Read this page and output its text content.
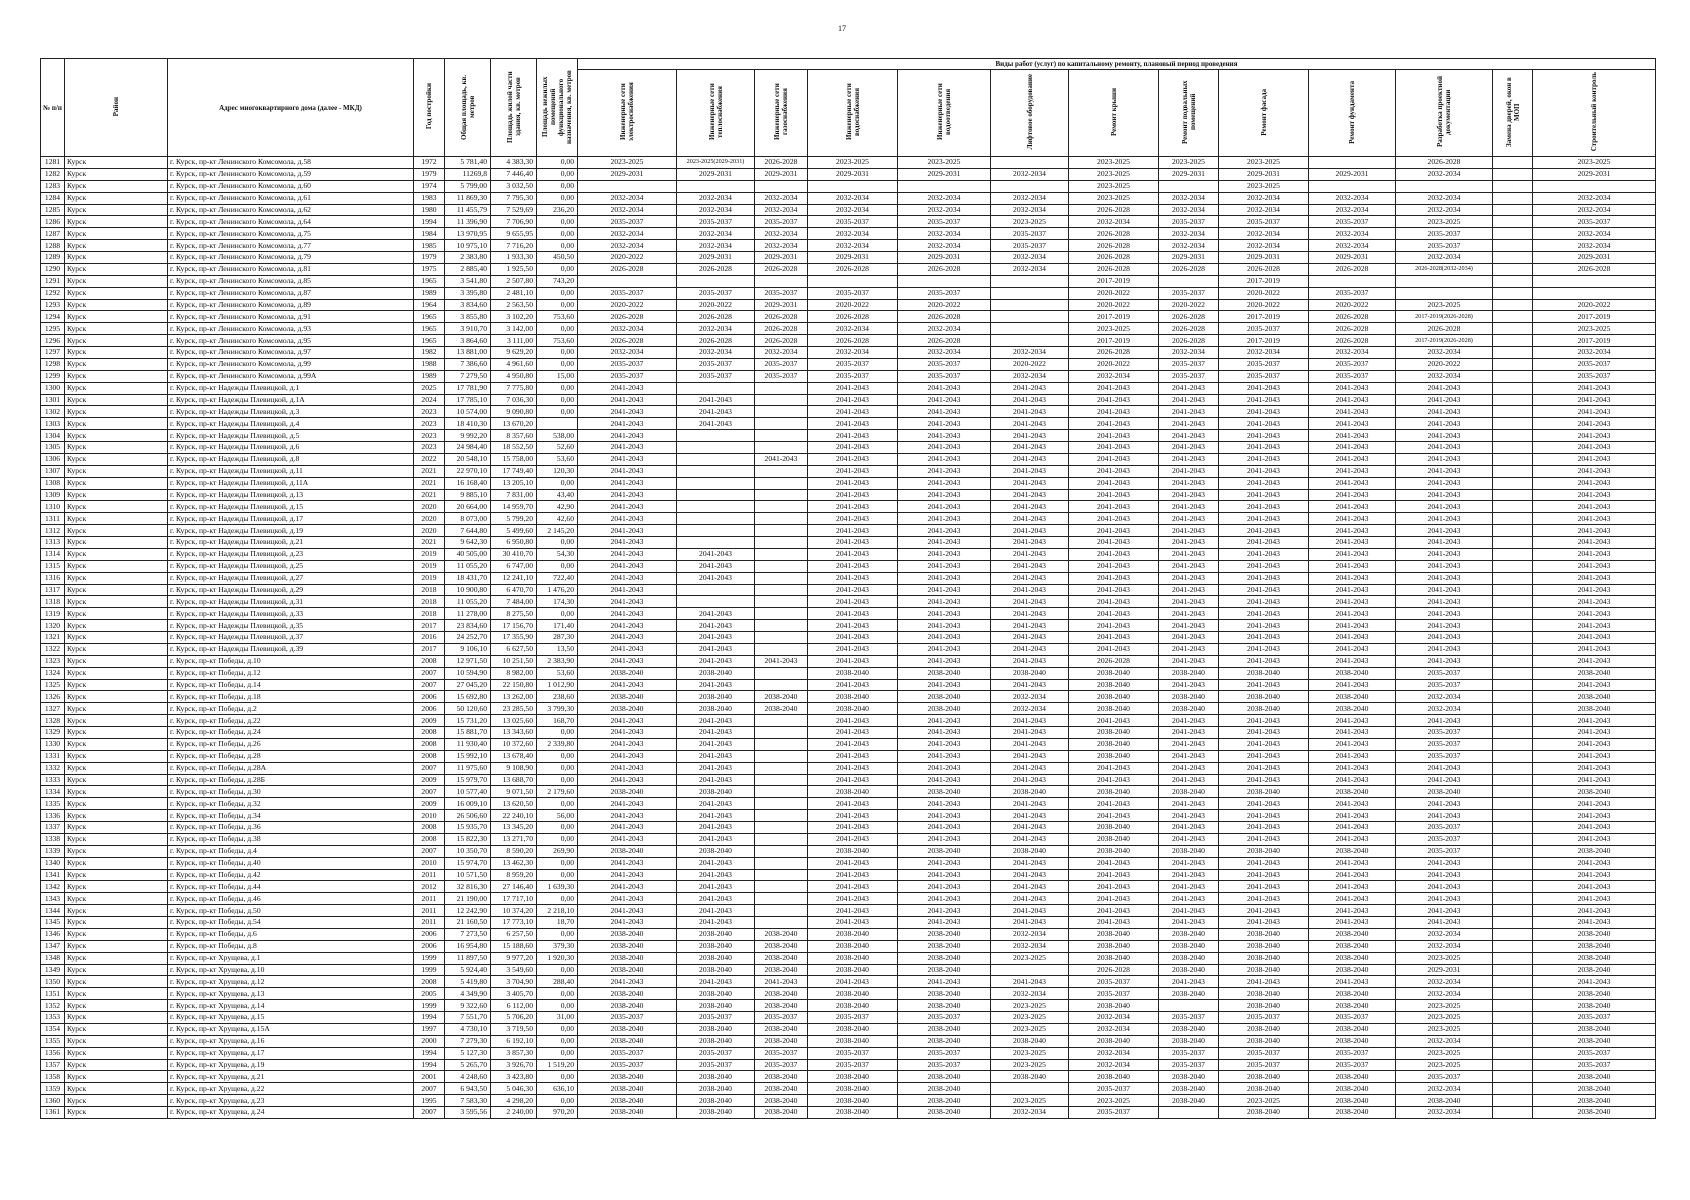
17
№ п/п	Район	Адрес многоквартирного дома (далее - МКД)	Год постройки	Общая площадь, кв. метров	Площадь жилой части здания, кв. метров	Площадь нежилых помещений функционального назначения, кв. метров	Виды работ (услуг) по капитальному ремонту, плановый период проведения												
							Инженерные сети электроснабжения	Инженерные сети теплоснабжения	Инженерные сети газоснабжения	Инженерные сети водоснабжения	Инженерные сети водоотведения	Лифтовое оборудование	Ремонт крыши	Ремонт подвальных помещений	Ремонт фасада	Ремонт фундамента	Разработка проектной документации	Замена дверей, окон в МОП	Строительный контроль
1281	Курск	г. Курск, пр-кт Ленинского Комсомола, д.58	1972	5 781,40	4 383,30	0,00	2023-2025	2023-2025(2029-2031)	2026-2028	2023-2025	2023-2025		2023-2025	2023-2025	2023-2025		2026-2028		2023-2025
1282	Курск	г. Курск, пр-кт Ленинского Комсомола, д.59	1979	11269,8	7 446,40	0,00	2029-2031	2029-2031	2029-2031	2029-2031	2029-2031	2032-2034	2023-2025	2029-2031	2029-2031	2029-2031	2032-2034		2029-2031
1283	Курск	г. Курск, пр-кт Ленинского Комсомола, д.60	1974	5 799,00	3 032,50	0,00							2023-2025		2023-2025				
1284	Курск	г. Курск, пр-кт Ленинского Комсомола, д.61	1983	11 869,30	7 795,30	0,00	2032-2034	2032-2034	2032-2034	2032-2034	2032-2034	2032-2034	2023-2025	2032-2034	2032-2034	2032-2034	2032-2034		2032-2034
1285	Курск	г. Курск, пр-кт Ленинского Комсомола, д.62	1980	11 455,79	7 529,69	236,20	2032-2034	2032-2034	2032-2034	2032-2034	2032-2034	2032-2034	2026-2028	2032-2034	2032-2034	2032-2034	2032-2034		2032-2034
1286	Курск	г. Курск, пр-кт Ленинского Комсомола, д.64	1994	11 396,90	7 706,90	0,00	2035-2037	2035-2037	2035-2037	2035-2037	2035-2037	2023-2025	2032-2034	2035-2037	2035-2037	2035-2037	2023-2025		2035-2037
1287	Курск	г. Курск, пр-кт Ленинского Комсомола, д.75	1984	13 970,95	9 655,95	0,00	2032-2034	2032-2034	2032-2034	2032-2034	2032-2034	2035-2037	2026-2028	2032-2034	2032-2034	2032-2034	2035-2037		2032-2034
1288	Курск	г. Курск, пр-кт Ленинского Комсомола, д.77	1985	10 975,10	7 716,20	0,00	2032-2034	2032-2034	2032-2034	2032-2034	2032-2034	2035-2037	2026-2028	2032-2034	2032-2034	2032-2034	2035-2037		2032-2034
1289	Курск	г. Курск, пр-кт Ленинского Комсомола, д.79	1979	2 383,80	1 933,30	450,50	2020-2022	2029-2031	2029-2031	2029-2031	2029-2031	2032-2034	2026-2028	2029-2031	2029-2031	2029-2031	2032-2034		2029-2031
1290	Курск	г. Курск, пр-кт Ленинского Комсомола, д.81	1975	2 885,40	1 925,50	0,00	2026-2028	2026-2028	2026-2028	2026-2028	2026-2028	2032-2034	2026-2028	2026-2028	2026-2028	2026-2028	2026-2028(2032-2034)		2026-2028
1291	Курск	г. Курск, пр-кт Ленинского Комсомола, д.85	1965	3 541,80	2 507,80	743,20							2017-2019		2017-2019				
1292	Курск	г. Курск, пр-кт Ленинского Комсомола, д.87	1989	3 395,80	2 481,10	0,00	2035-2037	2035-2037	2035-2037	2035-2037	2035-2037		2020-2022	2035-2037	2020-2022	2035-2037			
1293	Курск	г. Курск, пр-кт Ленинского Комсомола, д.89	1964	3 834,60	2 563,50	0,00	2020-2022	2020-2022	2029-2031	2020-2022	2020-2022		2020-2022	2020-2022	2020-2022	2020-2022	2023-2025		2020-2022
1294	Курск	г. Курск, пр-кт Ленинского Комсомола, д.91	1965	3 855,80	3 102,20	753,60	2026-2028	2026-2028	2026-2028	2026-2028	2026-2028		2017-2019	2026-2028	2017-2019	2026-2028	2017-2019(2026-2028)		2017-2019
1295	Курск	г. Курск, пр-кт Ленинского Комсомола, д.93	1965	3 910,70	3 142,00	0,00	2032-2034	2032-2034	2026-2028	2032-2034	2032-2034		2023-2025	2026-2028	2035-2037	2026-2028	2026-2028		2023-2025
1296	Курск	г. Курск, пр-кт Ленинского Комсомола, д.95	1965	3 864,60	3 111,00	753,60	2026-2028	2026-2028	2026-2028	2026-2028	2026-2028		2017-2019	2026-2028	2017-2019	2026-2028	2017-2019(2026-2028)		2017-2019
1297	Курск	г. Курск, пр-кт Ленинского Комсомола, д.97	1982	13 881,00	9 629,20	0,00	2032-2034	2032-2034	2032-2034	2032-2034	2032-2034	2032-2034	2026-2028	2032-2034	2032-2034	2032-2034	2032-2034		2032-2034
1298	Курск	г. Курск, пр-кт Ленинского Комсомола, д.99	1988	7 386,60	4 961,60	0,00	2035-2037	2035-2037	2035-2037	2035-2037	2035-2037	2020-2022	2020-2022	2035-2037	2035-2037	2035-2037	2020-2022		2035-2037
1299	Курск	г. Курск, пр-кт Ленинского Комсомола, д.99А	1989	7 279,50	4 950,80	15,00	2035-2037	2035-2037	2035-2037	2035-2037	2035-2037	2032-2034	2032-2034	2035-2037	2035-2037	2035-2037	2032-2034		2035-2037
1300	Курск	г. Курск, пр-кт Надежды Плевицкой, д.1	2025	17 781,90	7 775,80	0,00	2041-2043			2041-2043	2041-2043	2041-2043	2041-2043	2041-2043	2041-2043	2041-2043	2041-2043		2041-2043
1301	Курск	г. Курск, пр-кт Надежды Плевицкой, д.1А	2024	17 785,10	7 036,30	0,00	2041-2043	2041-2043		2041-2043	2041-2043	2041-2043	2041-2043	2041-2043	2041-2043	2041-2043	2041-2043		2041-2043
1302	Курск	г. Курск, пр-кт Надежды Плевицкой, д.3	2023	10 574,00	9 090,80	0,00	2041-2043	2041-2043		2041-2043	2041-2043	2041-2043	2041-2043	2041-2043	2041-2043	2041-2043	2041-2043		2041-2043
1303	Курск	г. Курск, пр-кт Надежды Плевицкой, д.4	2023	18 410,30	13 670,20		2041-2043	2041-2043		2041-2043	2041-2043	2041-2043	2041-2043	2041-2043	2041-2043	2041-2043	2041-2043		2041-2043
1304	Курск	г. Курск, пр-кт Надежды Плевицкой, д.5	2023	9 992,20	8 357,60	538,00	2041-2043			2041-2043	2041-2043	2041-2043	2041-2043	2041-2043	2041-2043	2041-2043	2041-2043		2041-2043
1305	Курск	г. Курск, пр-кт Надежды Плевицкой, д.6	2023	24 984,40	18 552,50	52,60	2041-2043			2041-2043	2041-2043	2041-2043	2041-2043	2041-2043	2041-2043	2041-2043	2041-2043		2041-2043
1306	Курск	г. Курск, пр-кт Надежды Плевицкой, д.8	2022	20 548,10	15 758,00	53,60	2041-2043		2041-2043	2041-2043	2041-2043	2041-2043	2041-2043	2041-2043	2041-2043	2041-2043	2041-2043		2041-2043
1307	Курск	г. Курск, пр-кт Надежды Плевицкой, д.11	2021	22 970,10	17 749,40	120,30	2041-2043			2041-2043	2041-2043	2041-2043	2041-2043	2041-2043	2041-2043	2041-2043	2041-2043		2041-2043
1308	Курск	г. Курск, пр-кт Надежды Плевицкой, д.11А	2021	16 168,40	13 205,10	0,00	2041-2043			2041-2043	2041-2043	2041-2043	2041-2043	2041-2043	2041-2043	2041-2043	2041-2043		2041-2043
1309	Курск	г. Курск, пр-кт Надежды Плевицкой, д.13	2021	9 885,10	7 831,00	43,40	2041-2043			2041-2043	2041-2043	2041-2043	2041-2043	2041-2043	2041-2043	2041-2043	2041-2043		2041-2043
1310	Курск	г. Курск, пр-кт Надежды Плевицкой, д.15	2020	20 664,00	14 959,70	42,90	2041-2043			2041-2043	2041-2043	2041-2043	2041-2043	2041-2043	2041-2043	2041-2043	2041-2043		2041-2043
1311	Курск	г. Курск, пр-кт Надежды Плевицкой, д.17	2020	8 073,00	5 799,20	42,60	2041-2043			2041-2043	2041-2043	2041-2043	2041-2043	2041-2043	2041-2043	2041-2043	2041-2043		2041-2043
1312	Курск	г. Курск, пр-кт Надежды Плевицкой, д.19	2020	7 644,80	5 499,60	2 145,20	2041-2043			2041-2043	2041-2043	2041-2043	2041-2043	2041-2043	2041-2043	2041-2043	2041-2043		2041-2043
1313	Курск	г. Курск, пр-кт Надежды Плевицкой, д.21	2021	9 642,30	6 950,80	0,00	2041-2043			2041-2043	2041-2043	2041-2043	2041-2043	2041-2043	2041-2043	2041-2043	2041-2043		2041-2043
1314	Курск	г. Курск, пр-кт Надежды Плевицкой, д.23	2019	40 505,00	30 410,70	54,30	2041-2043	2041-2043		2041-2043	2041-2043	2041-2043	2041-2043	2041-2043	2041-2043	2041-2043	2041-2043		2041-2043
1315	Курск	г. Курск, пр-кт Надежды Плевицкой, д.25	2019	11 055,20	6 747,00	0,00	2041-2043	2041-2043		2041-2043	2041-2043	2041-2043	2041-2043	2041-2043	2041-2043	2041-2043	2041-2043		2041-2043
1316	Курск	г. Курск, пр-кт Надежды Плевицкой, д.27	2019	18 431,70	12 241,10	722,40	2041-2043	2041-2043		2041-2043	2041-2043	2041-2043	2041-2043	2041-2043	2041-2043	2041-2043	2041-2043		2041-2043
1317	Курск	г. Курск, пр-кт Надежды Плевицкой, д.29	2018	10 900,80	6 470,70	1 476,20	2041-2043			2041-2043	2041-2043	2041-2043	2041-2043	2041-2043	2041-2043	2041-2043	2041-2043		2041-2043
1318	Курск	г. Курск, пр-кт Надежды Плевицкой, д.31	2018	11 055,20	7 484,00	174,30	2041-2043			2041-2043	2041-2043	2041-2043	2041-2043	2041-2043	2041-2043	2041-2043	2041-2043		2041-2043
1319	Курск	г. Курск, пр-кт Надежды Плевицкой, д.33	2018	11 278,00	8 275,50	0,00	2041-2043	2041-2043		2041-2043	2041-2043	2041-2043	2041-2043	2041-2043	2041-2043	2041-2043	2041-2043		2041-2043
1320	Курск	г. Курск, пр-кт Надежды Плевицкой, д.35	2017	23 834,60	17 156,70	171,40	2041-2043	2041-2043		2041-2043	2041-2043	2041-2043	2041-2043	2041-2043	2041-2043	2041-2043	2041-2043		2041-2043
1321	Курск	г. Курск, пр-кт Надежды Плевицкой, д.37	2016	24 252,70	17 355,90	287,30	2041-2043	2041-2043		2041-2043	2041-2043	2041-2043	2041-2043	2041-2043	2041-2043	2041-2043	2041-2043		2041-2043
1322	Курск	г. Курск, пр-кт Надежды Плевицкой, д.39	2017	9 106,10	6 627,50	13,50	2041-2043	2041-2043		2041-2043	2041-2043	2041-2043	2041-2043	2041-2043	2041-2043	2041-2043	2041-2043		2041-2043
1323	Курск	г. Курск, пр-кт Победы, д.10	2008	12 971,50	10 251,50	2 383,90	2041-2043	2041-2043	2041-2043	2041-2043	2041-2043	2041-2043	2026-2028	2041-2043	2041-2043	2041-2043	2041-2043		2041-2043
1324	Курск	г. Курск, пр-кт Победы, д.12	2007	10 594,90	8 982,00	53,60	2038-2040	2038-2040		2038-2040	2038-2040	2038-2040	2038-2040	2038-2040	2038-2040	2038-2040	2035-2037		2038-2040
1325	Курск	г. Курск, пр-кт Победы, д.14	2007	27 045,20	22 150,80	1 012,90	2041-2043	2041-2043		2041-2043	2041-2043	2041-2043	2038-2040	2041-2043	2041-2043	2041-2043	2035-2037		2041-2043
1326	Курск	г. Курск, пр-кт Победы, д.18	2006	15 692,80	13 262,00	238,60	2038-2040	2038-2040	2038-2040	2038-2040	2038-2040	2032-2034	2038-2040	2038-2040	2038-2040	2038-2040	2032-2034		2038-2040
1327	Курск	г. Курск, пр-кт Победы, д.2	2006	50 120,60	23 285,50	3 799,30	2038-2040	2038-2040	2038-2040	2038-2040	2038-2040	2032-2034	2038-2040	2038-2040	2038-2040	2038-2040	2032-2034		2038-2040
1328	Курск	г. Курск, пр-кт Победы, д.22	2009	15 731,20	13 025,60	168,70	2041-2043	2041-2043		2041-2043	2041-2043	2041-2043	2041-2043	2041-2043	2041-2043	2041-2043	2041-2043		2041-2043
1329	Курск	г. Курск, пр-кт Победы, д.24	2008	15 881,70	13 343,60	0,00	2041-2043	2041-2043		2041-2043	2041-2043	2041-2043	2038-2040	2041-2043	2041-2043	2041-2043	2035-2037		2041-2043
1330	Курск	г. Курск, пр-кт Победы, д.26	2008	11 930,40	10 372,60	2 339,80	2041-2043	2041-2043		2041-2043	2041-2043	2041-2043	2038-2040	2041-2043	2041-2043	2041-2043	2035-2037		2041-2043
1331	Курск	г. Курск, пр-кт Победы, д.28	2008	15 992,10	13 678,40	0,00	2041-2043	2041-2043		2041-2043	2041-2043	2041-2043	2038-2040	2041-2043	2041-2043	2041-2043	2035-2037		2041-2043
1332	Курск	г. Курск, пр-кт Победы, д.28А	2007	11 975,60	9 108,90	0,00	2041-2043	2041-2043		2041-2043	2041-2043	2041-2043	2041-2043	2041-2043	2041-2043	2041-2043	2041-2043		2041-2043
1333	Курск	г. Курск, пр-кт Победы, д.28Б	2009	15 979,70	13 688,70	0,00	2041-2043	2041-2043		2041-2043	2041-2043	2041-2043	2041-2043	2041-2043	2041-2043	2041-2043	2041-2043		2041-2043
1334	Курск	г. Курск, пр-кт Победы, д.30	2007	10 577,40	9 071,50	2 179,60	2038-2040	2038-2040		2038-2040	2038-2040	2038-2040	2038-2040	2038-2040	2038-2040	2038-2040	2038-2040		2038-2040
1335	Курск	г. Курск, пр-кт Победы, д.32	2009	16 009,10	13 620,50	0,00	2041-2043	2041-2043		2041-2043	2041-2043	2041-2043	2041-2043	2041-2043	2041-2043	2041-2043	2041-2043		2041-2043
1336	Курск	г. Курск, пр-кт Победы, д.34	2010	26 506,60	22 240,10	56,00	2041-2043	2041-2043		2041-2043	2041-2043	2041-2043	2041-2043	2041-2043	2041-2043	2041-2043	2041-2043		2041-2043
1337	Курск	г. Курск, пр-кт Победы, д.36	2008	15 935,70	13 345,20	0,00	2041-2043	2041-2043		2041-2043	2041-2043	2041-2043	2038-2040	2041-2043	2041-2043	2041-2043	2035-2037		2041-2043
1338	Курск	г. Курск, пр-кт Победы, д.38	2008	15 822,30	13 271,70	0,00	2041-2043	2041-2043		2041-2043	2041-2043	2041-2043	2038-2040	2041-2043	2041-2043	2041-2043	2035-2037		2041-2043
1339	Курск	г. Курск, пр-кт Победы, д.4	2007	10 350,70	8 590,20	269,90	2038-2040	2038-2040		2038-2040	2038-2040	2038-2040	2038-2040	2038-2040	2038-2040	2038-2040	2035-2037		2038-2040
1340	Курск	г. Курск, пр-кт Победы, д.40	2010	15 974,70	13 462,30	0,00	2041-2043	2041-2043		2041-2043	2041-2043	2041-2043	2041-2043	2041-2043	2041-2043	2041-2043	2041-2043		2041-2043
1341	Курск	г. Курск, пр-кт Победы, д.42	2011	10 571,50	8 959,20	0,00	2041-2043	2041-2043		2041-2043	2041-2043	2041-2043	2041-2043	2041-2043	2041-2043	2041-2043	2041-2043		2041-2043
1342	Курск	г. Курск, пр-кт Победы, д.44	2012	32 816,30	27 146,40	1 639,30	2041-2043	2041-2043		2041-2043	2041-2043	2041-2043	2041-2043	2041-2043	2041-2043	2041-2043	2041-2043		2041-2043
1343	Курск	г. Курск, пр-кт Победы, д.46	2011	21 190,00	17 717,10	0,00	2041-2043	2041-2043		2041-2043	2041-2043	2041-2043	2041-2043	2041-2043	2041-2043	2041-2043	2041-2043		2041-2043
1344	Курск	г. Курск, пр-кт Победы, д.50	2011	12 242,90	10 374,20	2 218,10	2041-2043	2041-2043		2041-2043	2041-2043	2041-2043	2041-2043	2041-2043	2041-2043	2041-2043	2041-2043		2041-2043
1345	Курск	г. Курск, пр-кт Победы, д.54	2011	21 160,50	17 773,10	18,70	2041-2043	2041-2043		2041-2043	2041-2043	2041-2043	2041-2043	2041-2043	2041-2043	2041-2043	2041-2043		2041-2043
1346	Курск	г. Курск, пр-кт Победы, д.6	2006	7 273,50	6 257,50	0,00	2038-2040	2038-2040	2038-2040	2038-2040	2038-2040	2032-2034	2038-2040	2038-2040	2038-2040	2038-2040	2032-2034		2038-2040
1347	Курск	г. Курск, пр-кт Победы, д.8	2006	16 954,80	15 188,60	379,30	2038-2040	2038-2040	2038-2040	2038-2040	2038-2040	2032-2034	2038-2040	2038-2040	2038-2040	2038-2040	2032-2034		2038-2040
1348	Курск	г. Курск, пр-кт Хрущева, д.1	1999	11 897,50	9 977,20	1 920,30	2038-2040	2038-2040	2038-2040	2038-2040	2038-2040	2023-2025	2038-2040	2038-2040	2038-2040	2038-2040	2023-2025		2038-2040
1349	Курск	г. Курск, пр-кт Хрущева, д.10	1999	5 924,40	3 549,60	0,00	2038-2040	2038-2040	2038-2040	2038-2040	2038-2040		2026-2028	2038-2040	2038-2040	2038-2040	2029-2031		2038-2040
1350	Курск	г. Курск, пр-кт Хрущева, д.12	2008	5 419,80	3 704,90	288,40	2041-2043	2041-2043	2041-2043	2041-2043	2041-2043	2041-2043	2035-2037	2041-2043	2041-2043	2041-2043	2032-2034		2041-2043
1351	Курск	г. Курск, пр-кт Хрущева, д.13	2005	4 349,90	3 405,70	0,00	2038-2040	2038-2040	2038-2040	2038-2040	2038-2040	2032-2034	2035-2037	2038-2040	2038-2040	2038-2040	2032-2034		2038-2040
1352	Курск	г. Курск, пр-кт Хрущева, д.14	1999	9 322,60	6 112,00	0,00	2038-2040	2038-2040	2038-2040	2038-2040	2038-2040	2023-2025	2038-2040		2038-2040	2038-2040	2023-2025		2038-2040
1353	Курск	г. Курск, пр-кт Хрущева, д.15	1994	7 551,70	5 706,20	31,00	2035-2037	2035-2037	2035-2037	2035-2037	2035-2037	2023-2025	2032-2034	2035-2037	2035-2037	2035-2037	2023-2025		2035-2037
1354	Курск	г. Курск, пр-кт Хрущева, д.15А	1997	4 730,10	3 719,50	0,00	2038-2040	2038-2040	2038-2040	2038-2040	2038-2040	2023-2025	2032-2034	2038-2040	2038-2040	2038-2040	2023-2025		2038-2040
1355	Курск	г. Курск, пр-кт Хрущева, д.16	2000	7 279,30	6 192,10	0,00	2038-2040	2038-2040	2038-2040	2038-2040	2038-2040	2038-2040	2038-2040	2038-2040	2038-2040	2038-2040	2032-2034		2038-2040
1356	Курск	г. Курск, пр-кт Хрущева, д.17	1994	5 127,30	3 857,30	0,00	2035-2037	2035-2037	2035-2037	2035-2037	2035-2037	2023-2025	2032-2034	2035-2037	2035-2037	2035-2037	2023-2025		2035-2037
1357	Курск	г. Курск, пр-кт Хрущева, д.19	1994	5 265,70	3 926,70	1 519,20	2035-2037	2035-2037	2035-2037	2035-2037	2035-2037	2023-2025	2032-2034	2035-2037	2035-2037	2035-2037	2023-2025		2035-2037
1358	Курск	г. Курск, пр-кт Хрущева, д.21	2001	4 248,60	3 423,80	0,00	2038-2040	2038-2040	2038-2040	2038-2040	2038-2040	2038-2040	2038-2040	2038-2040	2038-2040	2038-2040	2035-2037		2038-2040
1359	Курск	г. Курск, пр-кт Хрущева, д.22	2007	6 943,50	5 046,30	636,10	2038-2040	2038-2040	2038-2040	2038-2040	2038-2040		2035-2037	2038-2040	2038-2040	2038-2040	2032-2034		2038-2040
1360	Курск	г. Курск, пр-кт Хрущева, д.23	1995	7 583,30	4 298,20	0,00	2038-2040	2038-2040	2038-2040	2038-2040	2038-2040	2023-2025	2023-2025	2038-2040	2023-2025	2038-2040	2038-2040		2038-2040
1361	Курск	г. Курск, пр-кт Хрущева, д.24	2007	3 595,56	2 240,00	970,20	2038-2040	2038-2040	2038-2040	2038-2040	2038-2040	2032-2034	2035-2037		2038-2040	2038-2040	2032-2034		2038-2040
